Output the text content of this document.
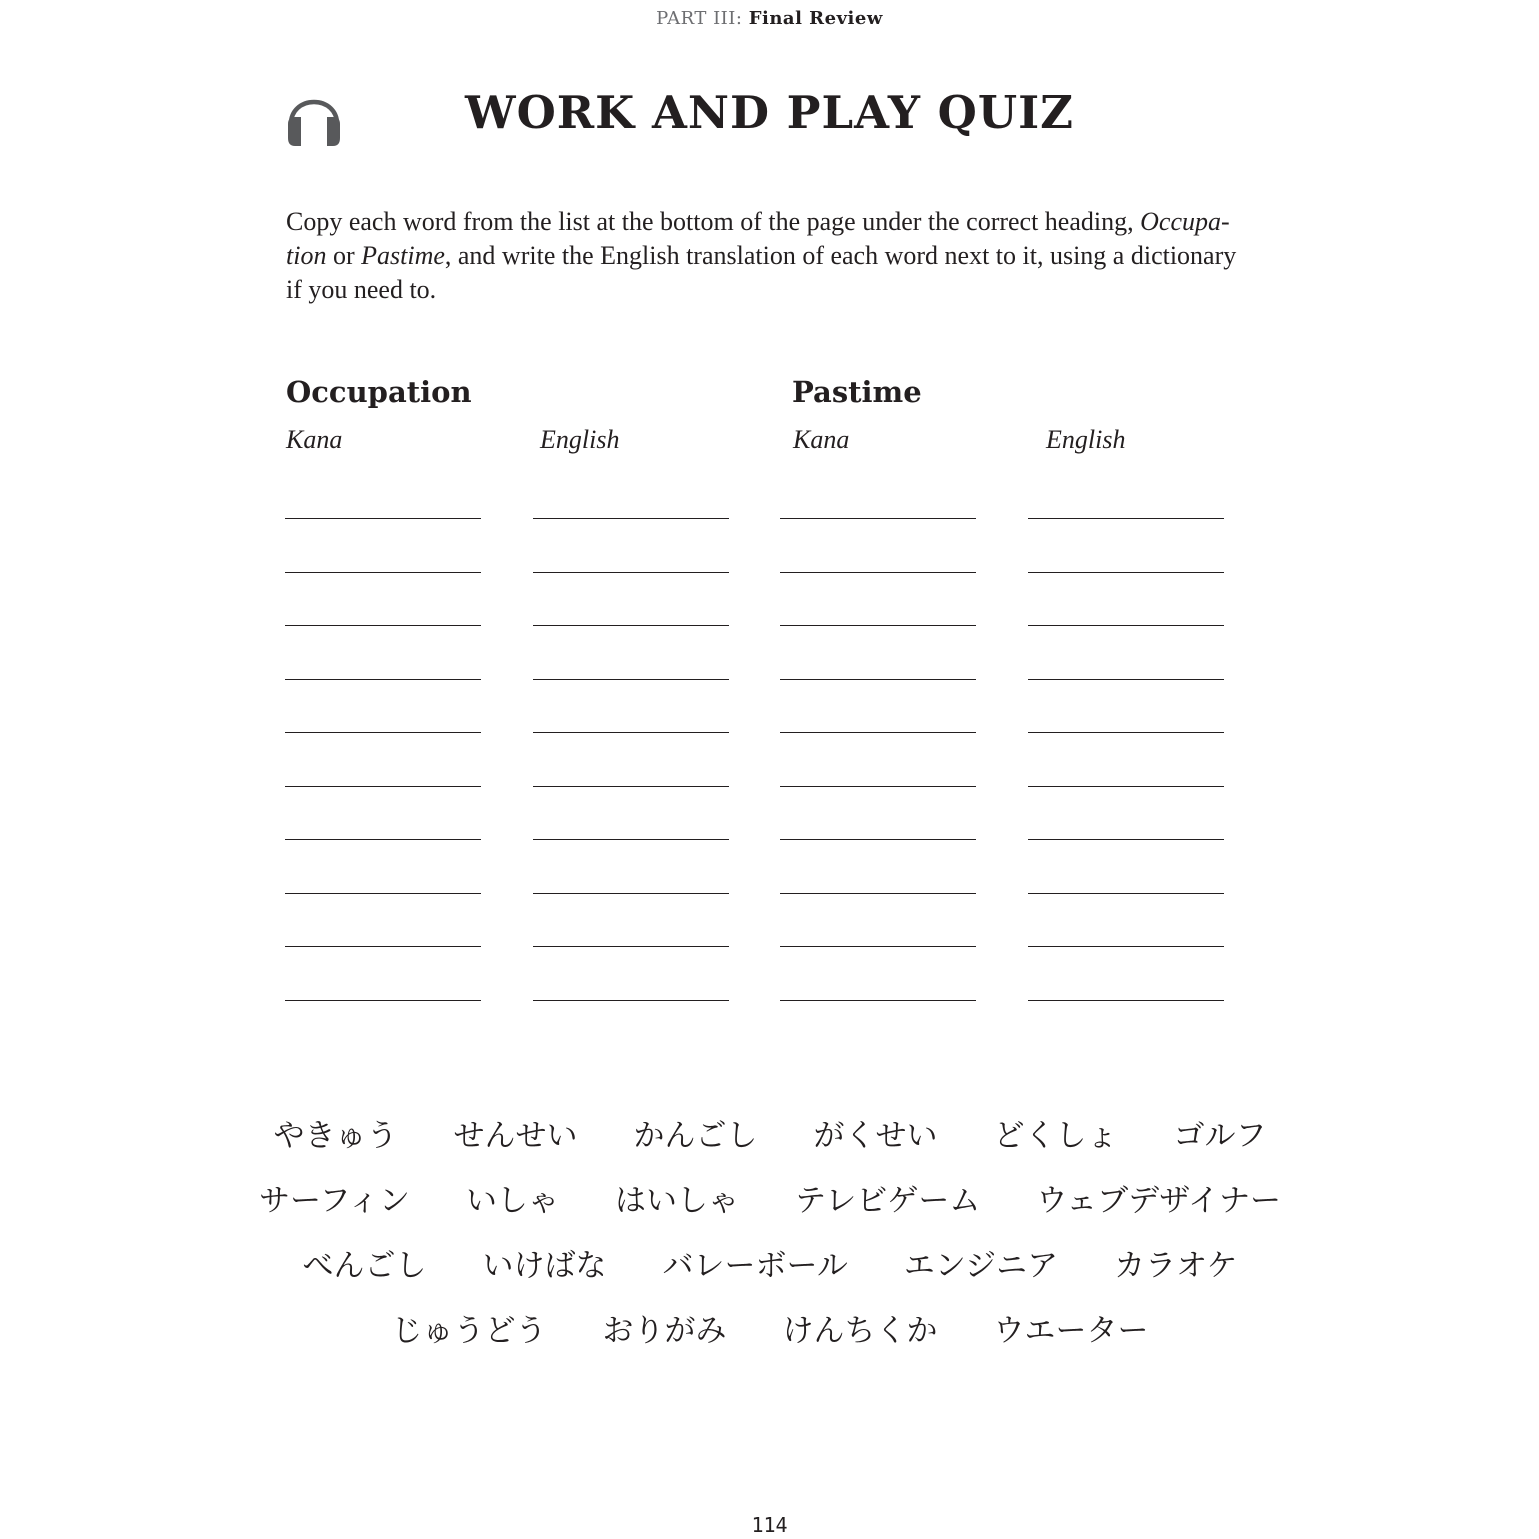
PART III: Final Review
WORK AND PLAY QUIZ

Copy each word from the list at the bottom of the page under the correct heading, Occupa-tion or Pastime, and write the English translation of each word next to it, using a dictionary if you need to.

Occupation	Pastime
Kana	English	Kana	English
やきゅう せんせい かんごし がくせい どくしょ ゴルフ
サーフィン いしゃ はいしゃ テレビゲーム ウェブデザイナー
べんごし いけばな バレーボール エンジニア カラオケ
じゅうどう おりがみ けんちくか ウエーター
114
